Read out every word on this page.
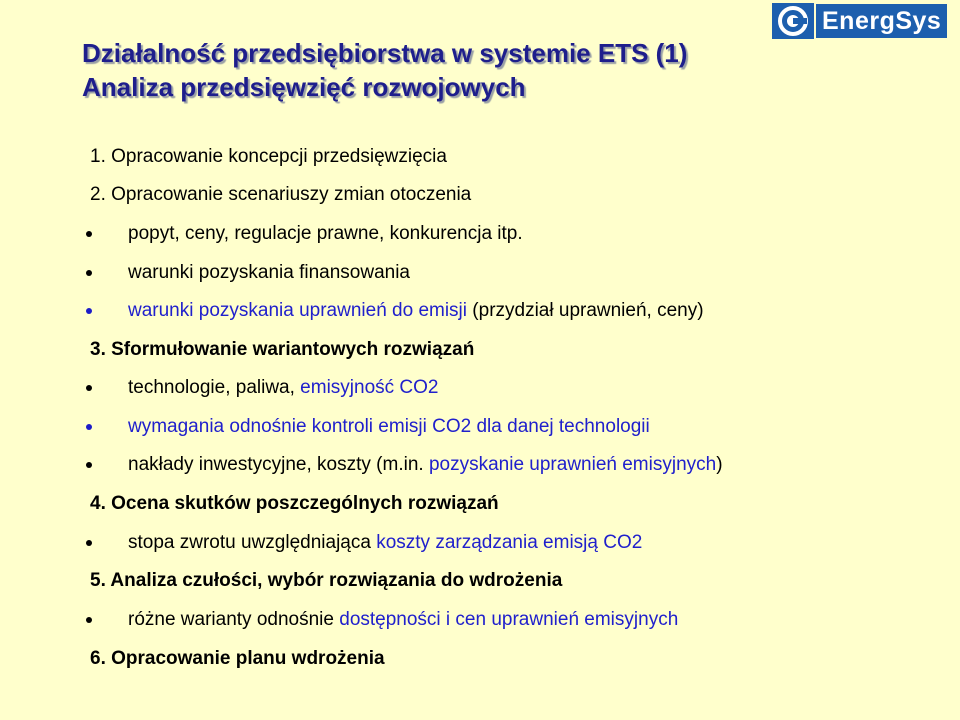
EnergSys
Działalność przedsiębiorstwa w systemie ETS (1)
Analiza przedsięwzięć rozwojowych
1. Opracowanie koncepcji przedsięwzięcia
2. Opracowanie scenariuszy zmian otoczenia
popyt, ceny, regulacje prawne, konkurencja itp.
warunki pozyskania finansowania
warunki pozyskania uprawnień do emisji (przydział uprawnień, ceny)
3. Sformułowanie wariantowych rozwiązań
technologie, paliwa, emisyjność CO2
wymagania odnośnie kontroli emisji CO2 dla danej technologii
nakłady inwestycyjne, koszty (m.in. pozyskanie uprawnień emisyjnych)
4. Ocena skutków poszczególnych rozwiązań
stopa zwrotu uwzględniająca koszty zarządzania emisją CO2
5. Analiza czułości, wybór rozwiązania do wdrożenia
różne warianty odnośnie dostępności i cen uprawnień emisyjnych
6. Opracowanie planu wdrożenia
